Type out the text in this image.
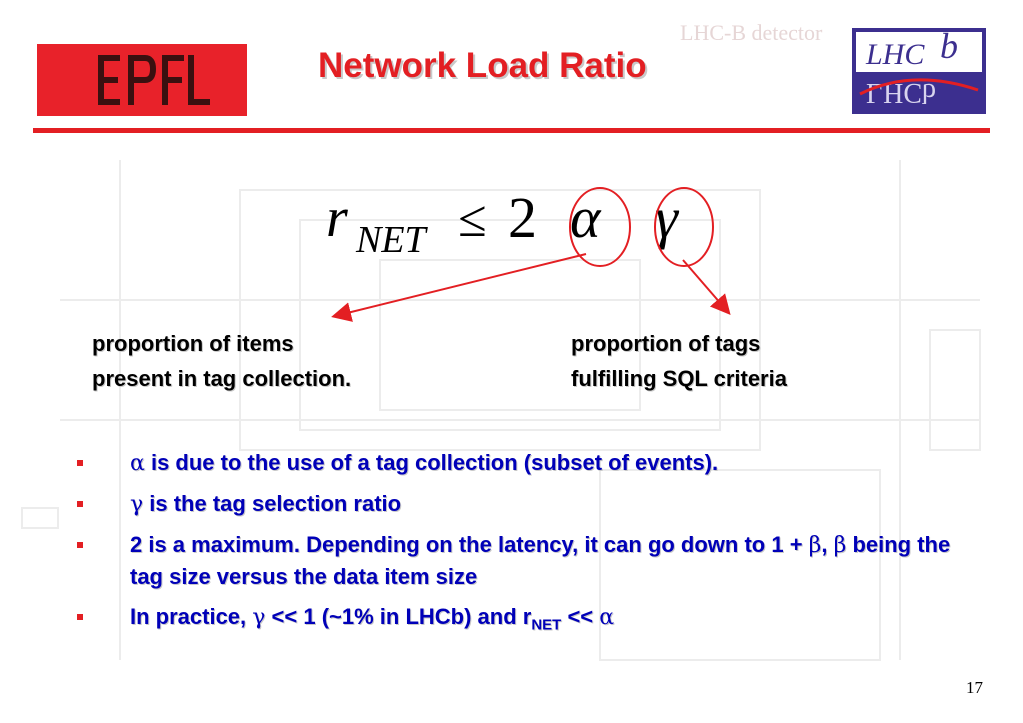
LHC-B detector
Network Load Ratio	LHC b
LHCb
r NET ≤ 2 α γ
proportion of items
present in tag collection.
proportion of tags
fulfilling SQL criteria
α is due to the use of a tag collection (subset of events).
γ is the tag selection ratio
2 is a maximum. Depending on the latency, it can go down to 1 + β, β being the tag size versus the data item size
In practice, γ << 1 (~1% in LHCb) and $r_{NET} << \alpha$
17
